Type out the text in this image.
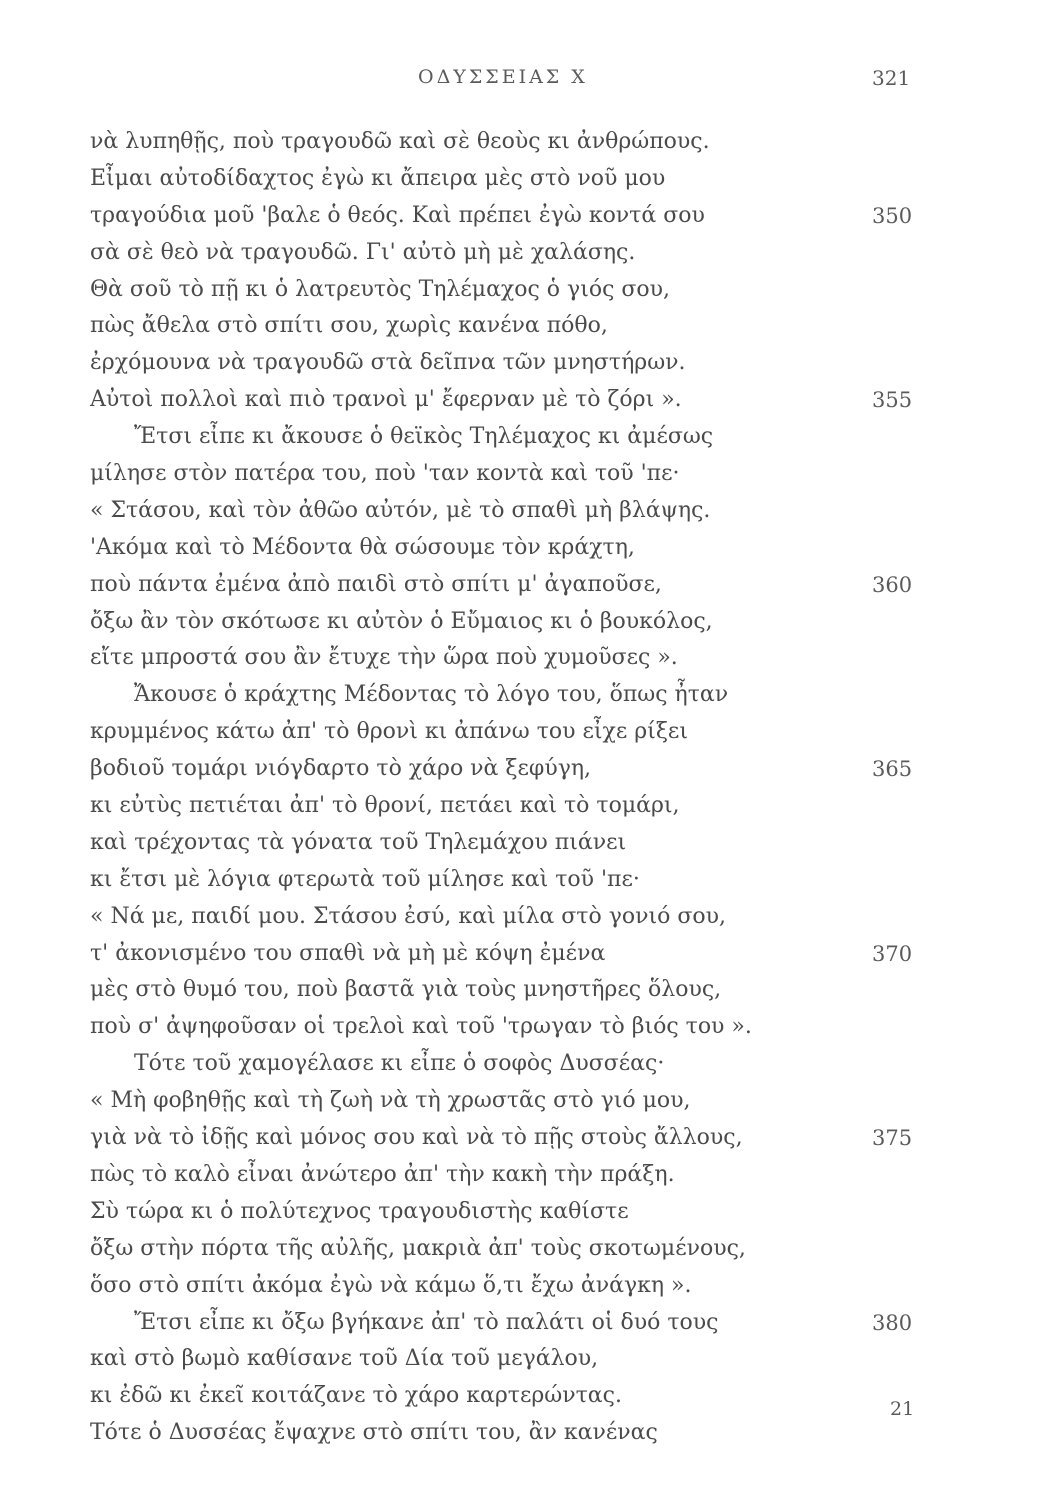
ΟΔΥΣΣΕΙΑΣ Χ	321
νὰ λυπηθῇς, ποὺ τραγουδῶ καὶ σὲ θεοὺς κι ἀνθρώπους.
Εἶμαι αὐτοδίδαχτος ἐγὼ κι ἄπειρα μὲς στὸ νοῦ μου
τραγούδια μοῦ 'βαλε ὁ θεός. Καὶ πρέπει ἐγὼ κοντά σου	350
σὰ σὲ θεὸ νὰ τραγουδῶ. Γι' αὐτὸ μὴ μὲ χαλάσης.
Θὰ σοῦ τὸ πῇ κι ὁ λατρευτὸς Τηλέμαχος ὁ γιός σου,
πὼς ἄθελα στὸ σπίτι σου, χωρὶς κανένα πόθο,
ἐρχόμουνα νὰ τραγουδῶ στὰ δεῖπνα τῶν μνηστήρων.
Αὐτοὶ πολλοὶ καὶ πιὸ τρανοὶ μ' ἔφερναν μὲ τὸ ζόρι ».	355
Ἔτσι εἶπε κι ἄκουσε ὁ θεϊκὸς Τηλέμαχος κι ἀμέσως
μίλησε στὸν πατέρα του, ποὺ 'ταν κοντὰ καὶ τοῦ 'πε·
« Στάσου, καὶ τὸν ἀθῶο αὐτόν, μὲ τὸ σπαθὶ μὴ βλάψης.
'Ακόμα καὶ τὸ Μέδοντα θὰ σώσουμε τὸν κράχτη,
ποὺ πάντα ἐμένα ἀπὸ παιδὶ στὸ σπίτι μ' ἀγαποῦσε,	360
ὄξω ἂν τὸν σκότωσε κι αὐτὸν ὁ Εὔμαιος κι ὁ βουκόλος,
εἴτε μπροστά σου ἂν ἔτυχε τὴν ὥρα ποὺ χυμοῦσες ».
Ἄκουσε ὁ κράχτης Μέδοντας τὸ λόγο του, ὅπως ἦταν
κρυμμένος κάτω ἀπ' τὸ θρονὶ κι ἀπάνω του εἶχε ρίξει
βοδιοῦ τομάρι νιόγδαρτο τὸ χάρο νὰ ξεφύγη,	365
κι εὐτὺς πετιέται ἀπ' τὸ θρονί, πετάει καὶ τὸ τομάρι,
καὶ τρέχοντας τὰ γόνατα τοῦ Τηλεμάχου πιάνει
κι ἔτσι μὲ λόγια φτερωτὰ τοῦ μίλησε καὶ τοῦ 'πε·
« Νά με, παιδί μου. Στάσου ἐσύ, καὶ μίλα στὸ γονιό σου,
τ' ἀκονισμένο του σπαθὶ νὰ μὴ μὲ κόψη ἐμένα	370
μὲς στὸ θυμό του, ποὺ βαστᾶ γιὰ τοὺς μνηστῆρες ὅλους,
ποὺ σ' ἀψηφοῦσαν οἱ τρελοὶ καὶ τοῦ 'τρωγαν τὸ βιός του ».
Τότε τοῦ χαμογέλασε κι εἶπε ὁ σοφὸς Δυσσέας·
« Μὴ φοβηθῇς καὶ τὴ ζωὴ νὰ τὴ χρωστᾶς στὸ γιό μου,
γιὰ νὰ τὸ ἰδῇς καὶ μόνος σου καὶ νὰ τὸ πῇς στοὺς ἄλλους,	375
πὼς τὸ καλὸ εἶναι ἀνώτερο ἀπ' τὴν κακὴ τὴν πράξη.
Σὺ τώρα κι ὁ πολύτεχνος τραγουδιστὴς καθίστε
ὄξω στὴν πόρτα τῆς αὐλῆς, μακριὰ ἀπ' τοὺς σκοτωμένους,
ὅσο στὸ σπίτι ἀκόμα ἐγὼ νὰ κάμω ὅ,τι ἔχω ἀνάγκη ».
Ἔτσι εἶπε κι ὄξω βγήκανε ἀπ' τὸ παλάτι οἱ δυό τους	380
καὶ στὸ βωμὸ καθίσανε τοῦ Δία τοῦ μεγάλου,
κι ἐδῶ κι ἐκεῖ κοιτάζανε τὸ χάρο καρτερώντας.
Τότε ὁ Δυσσέας ἔψαχνε στὸ σπίτι του, ἂν κανένας
21
